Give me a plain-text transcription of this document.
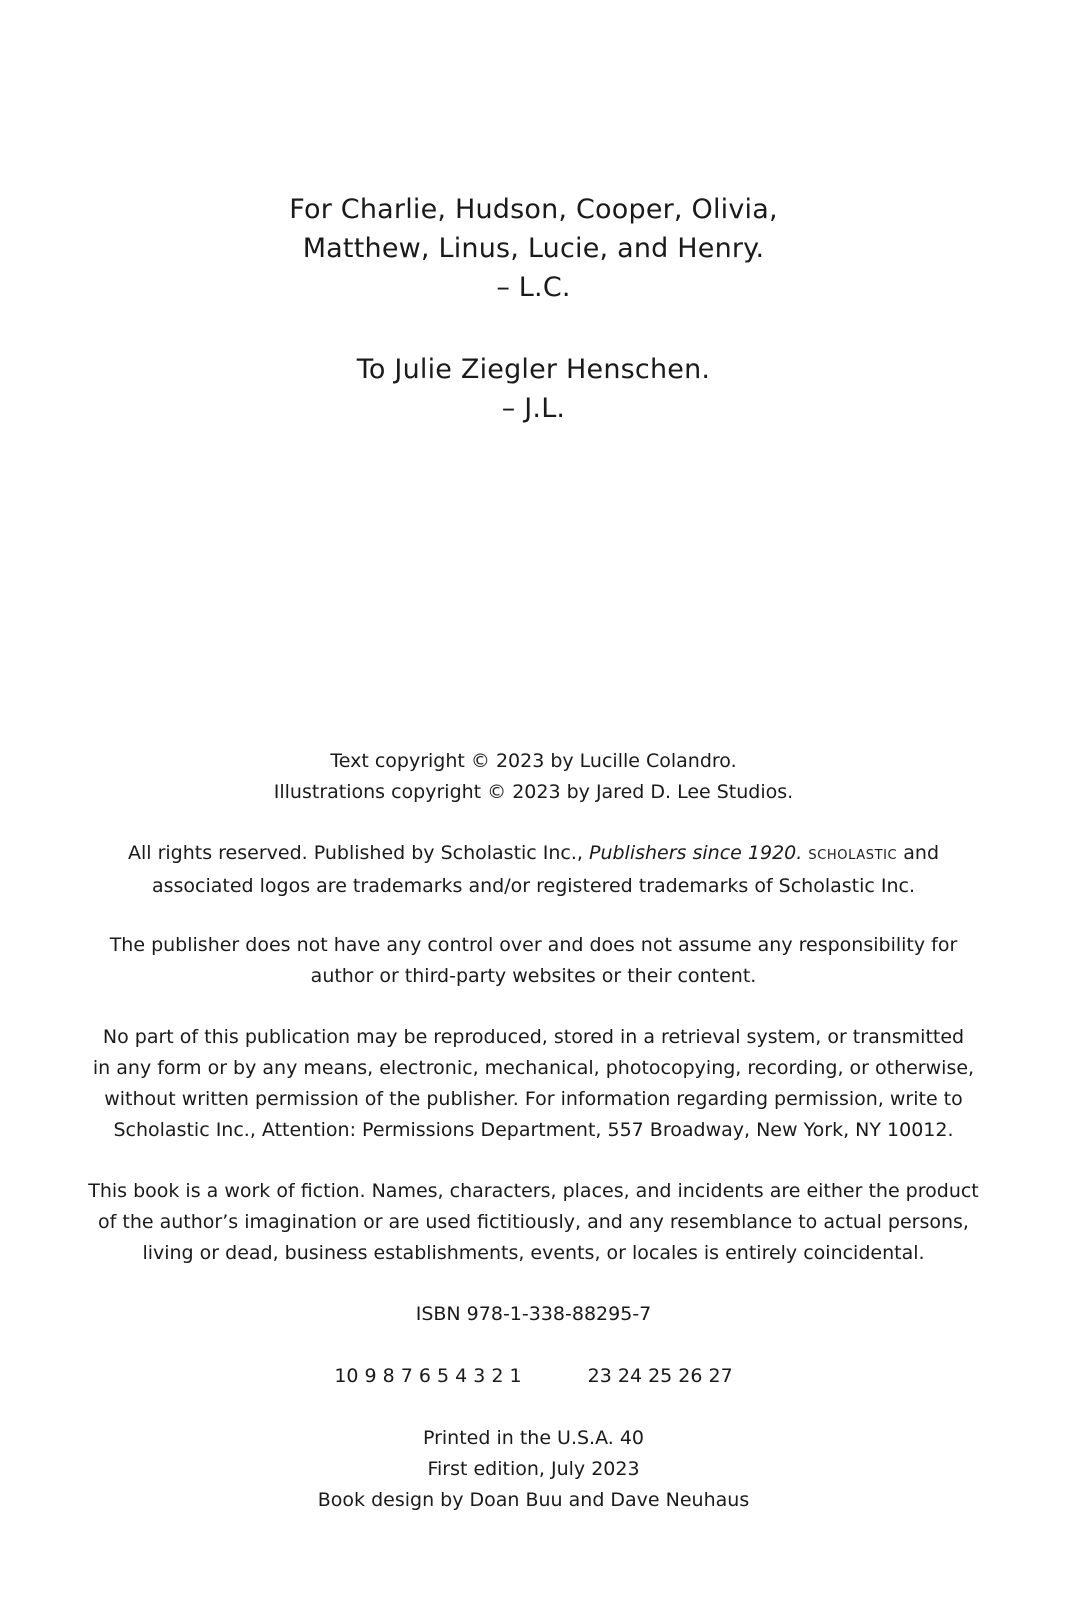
For Charlie, Hudson, Cooper, Olivia,
Matthew, Linus, Lucie, and Henry.
– L.C.
To Julie Ziegler Henschen.
– J.L.
Text copyright © 2023 by Lucille Colandro.
Illustrations copyright © 2023 by Jared D. Lee Studios.
All rights reserved. Published by Scholastic Inc., Publishers since 1920. SCHOLASTIC and
associated logos are trademarks and/or registered trademarks of Scholastic Inc.
The publisher does not have any control over and does not assume any responsibility for
author or third-party websites or their content.
No part of this publication may be reproduced, stored in a retrieval system, or transmitted
in any form or by any means, electronic, mechanical, photocopying, recording, or otherwise,
without written permission of the publisher. For information regarding permission, write to
Scholastic Inc., Attention: Permissions Department, 557 Broadway, New York, NY 10012.
This book is a work of fiction. Names, characters, places, and incidents are either the product
of the author’s imagination or are used fictitiously, and any resemblance to actual persons,
living or dead, business establishments, events, or locales is entirely coincidental.
ISBN 978-1-338-88295-7
10 9 8 7 6 5 4 3 2 1	23 24 25 26 27
Printed in the U.S.A. 40
First edition, July 2023
Book design by Doan Buu and Dave Neuhaus
